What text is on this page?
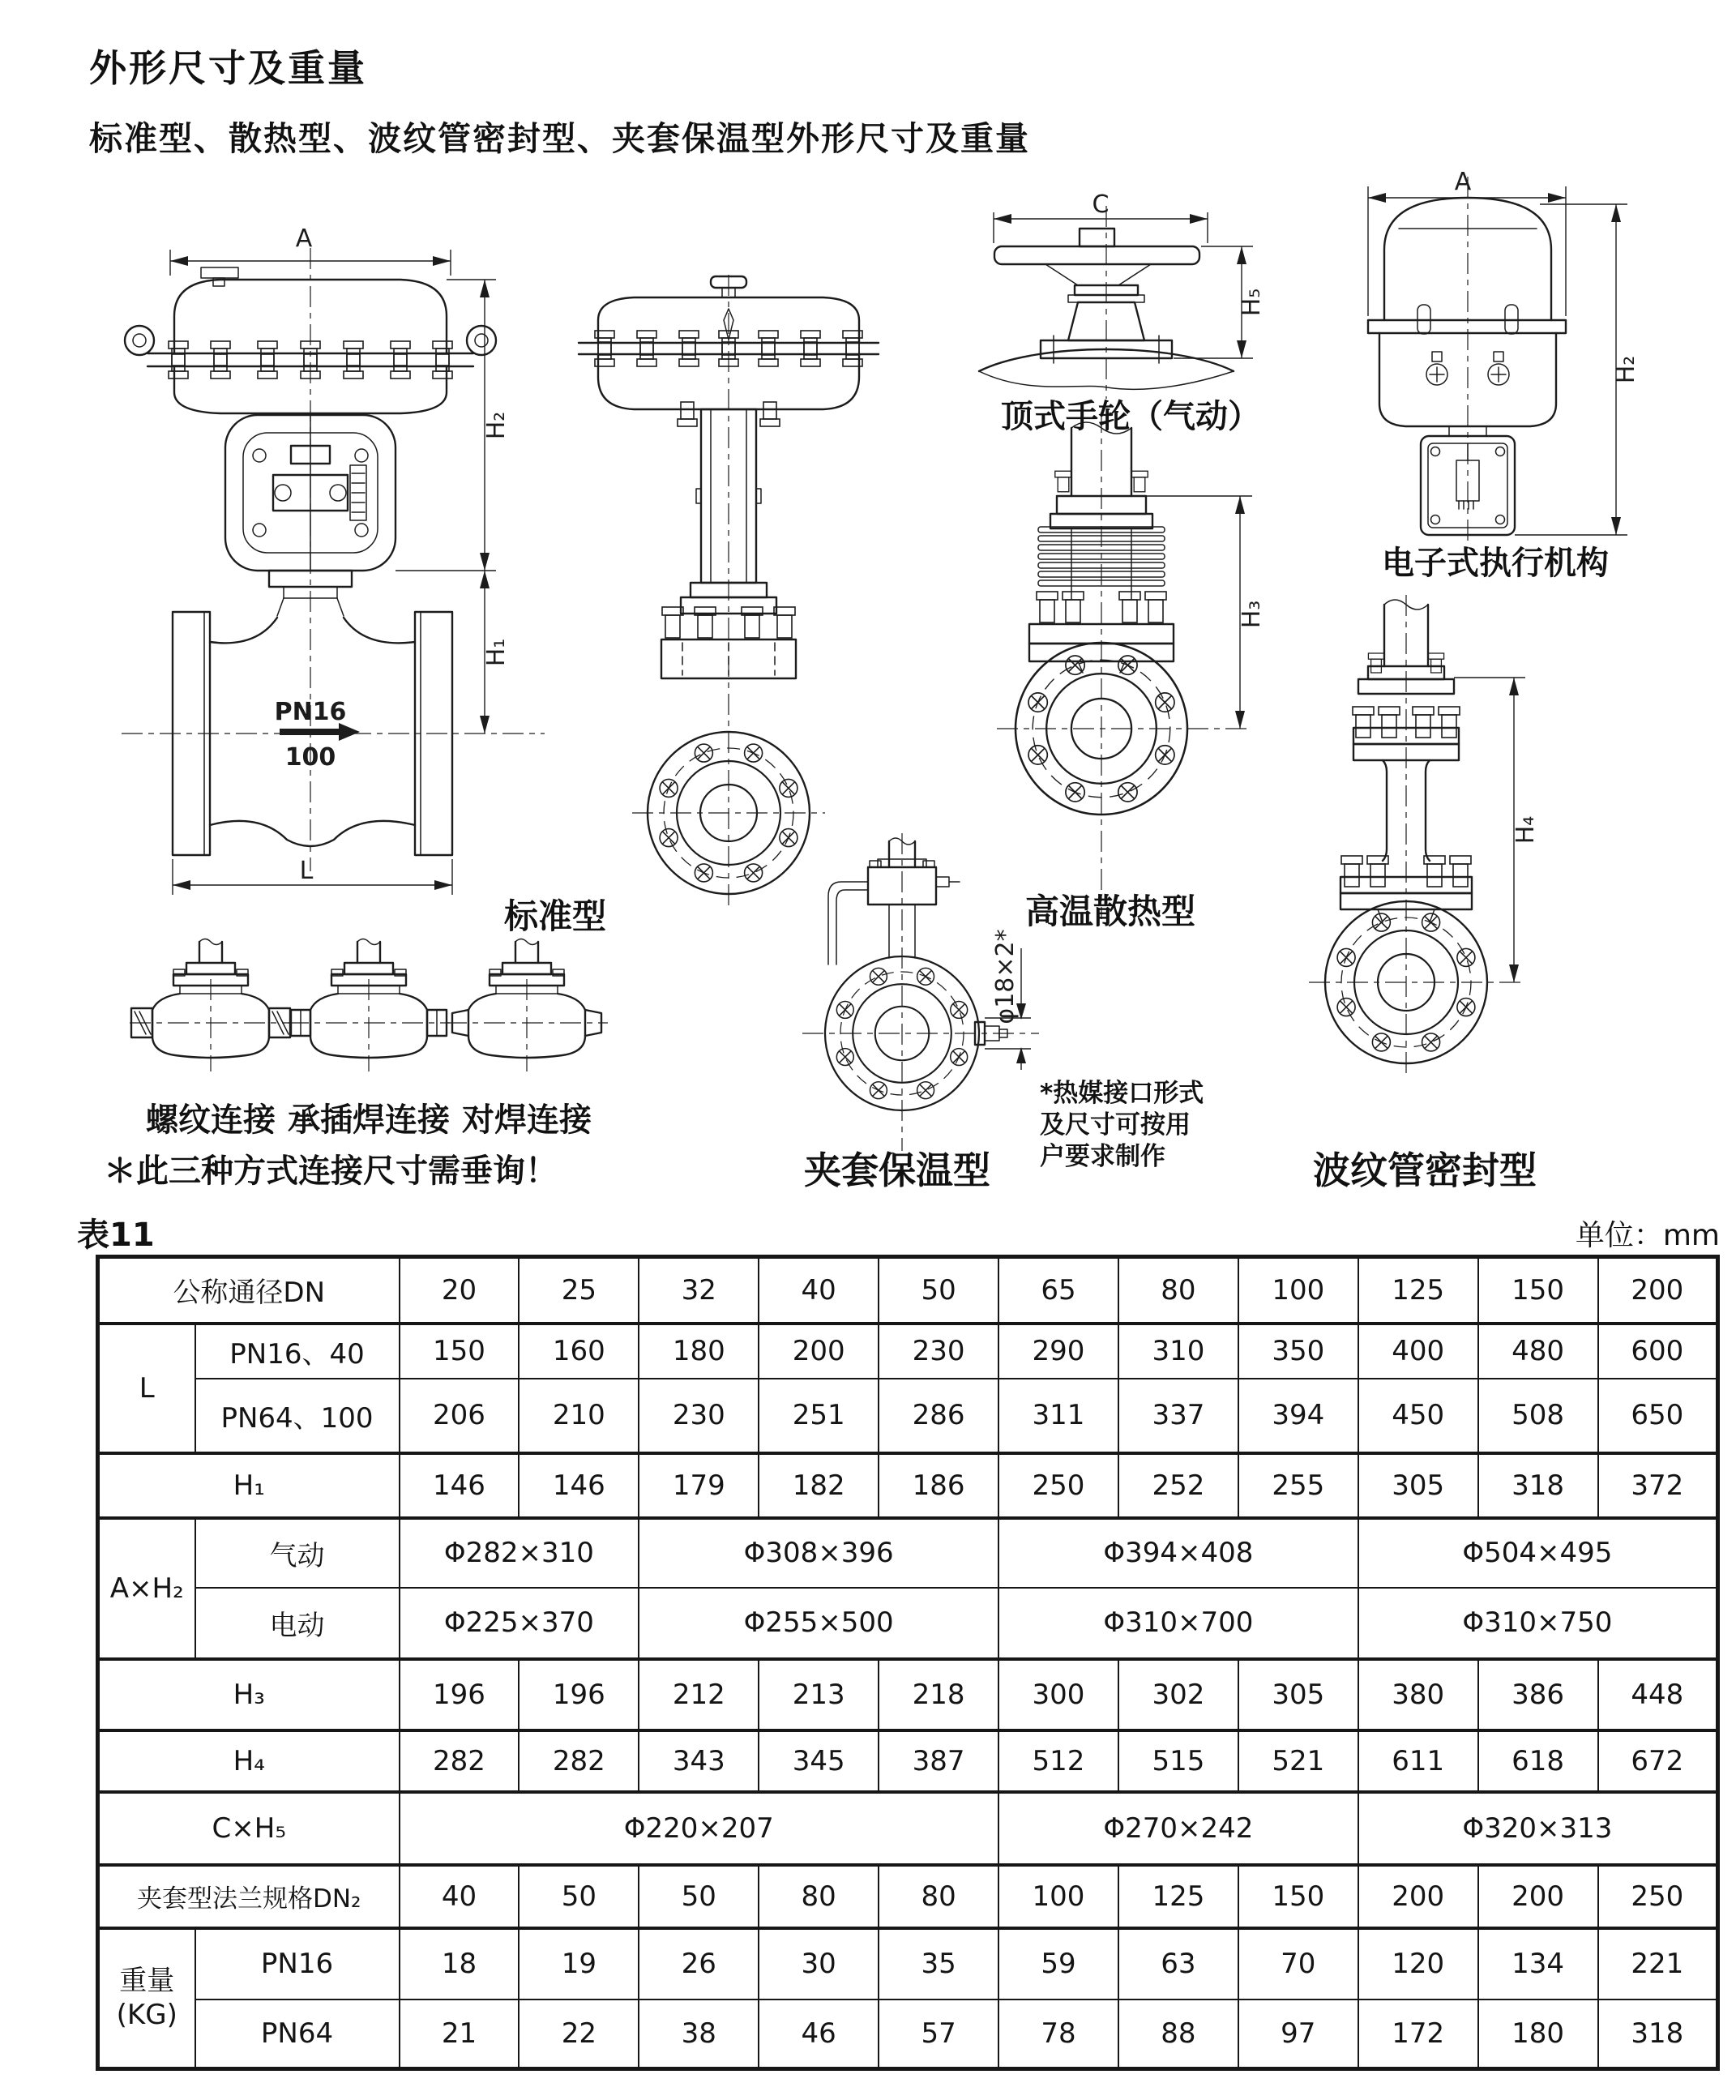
外形尺寸及重量
标准型、散热型、波纹管密封型、夹套保温型外形尺寸及重量
A
PN16
100
L
H₂
H₁
C
H₅
A
H₂
H₃
H₄
φ18×2*
标准型
顶式手轮（气动）
电子式执行机构
高温散热型
夹套保温型	波纹管密封型
螺纹连接 承插焊连接 对焊连接
＊此三种方式连接尺寸需垂询！
*热媒接口形式
及尺寸可按用
户要求制作
表11	单位：mm
公称通径DN		20	25	32	40	50	65	80	100	125	150	200
L	PN16、40	150	160	180	200	230	290	310	350	400	480	600
	PN64、100	206	210	230	251	286	311	337	394	450	508	650
H₁		146	146	179	182	186	250	252	255	305	318	372
A×H₂	气动	Φ282×310		Φ308×396			Φ394×408			Φ504×495		
	电动	Φ225×370		Φ255×500			Φ310×700			Φ310×750		
H₃		196	196	212	213	218	300	302	305	380	386	448
H₄		282	282	343	345	387	512	515	521	611	618	672
C×H₅		Φ220×207					Φ270×242			Φ320×313		
夹套型法兰规格DN₂		40	50	50	80	80	100	125	150	200	200	250

重量
(KG)	PN16	18	19	26	30	35	59	63	70	120	134	221
	PN64	21	22	38	46	57	78	88	97	172	180	318
